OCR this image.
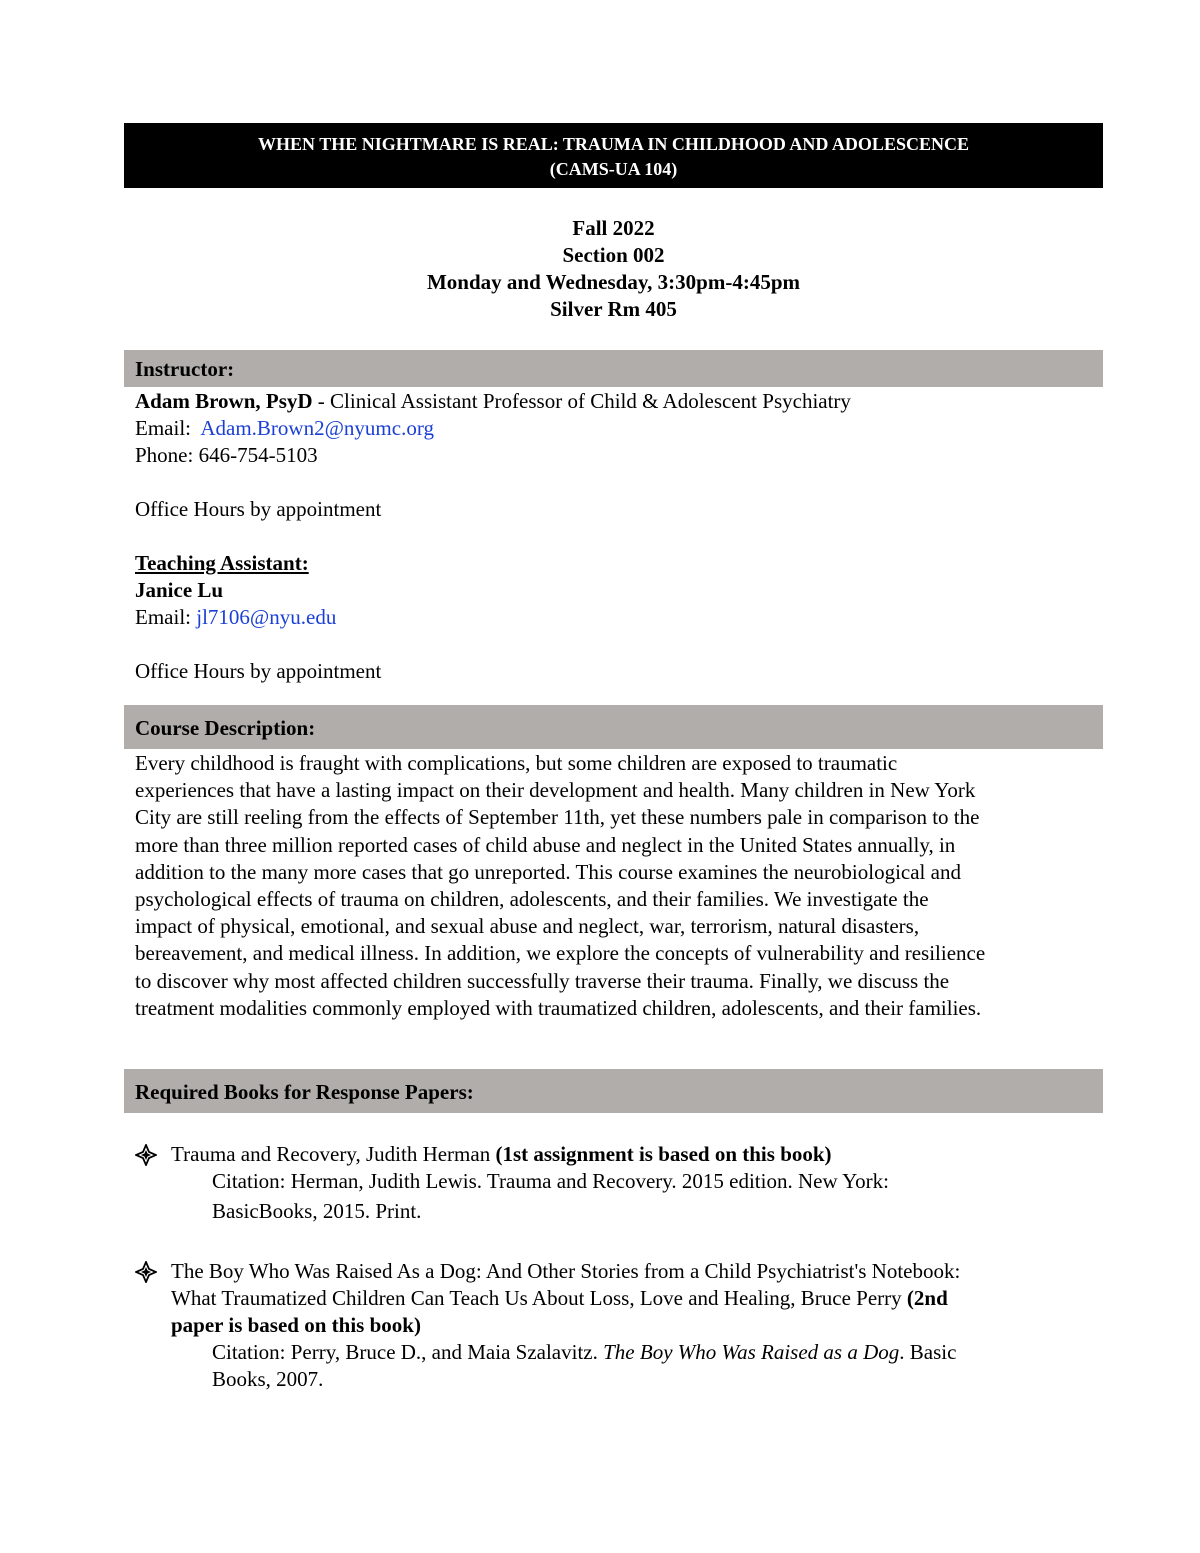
WHEN THE NIGHTMARE IS REAL: TRAUMA IN CHILDHOOD AND ADOLESCENCE
(CAMS-UA 104)
Fall 2022
Section 002
Monday and Wednesday, 3:30pm-4:45pm
Silver Rm 405
Instructor:
Adam Brown, PsyD - Clinical Assistant Professor of Child & Adolescent Psychiatry
Email: Adam.Brown2@nyumc.org
Phone: 646-754-5103
Office Hours by appointment
Teaching Assistant:
Janice Lu
Email: jl7106@nyu.edu
Office Hours by appointment
Course Description:
Every childhood is fraught with complications, but some children are exposed to traumatic
experiences that have a lasting impact on their development and health. Many children in New York
City are still reeling from the effects of September 11th, yet these numbers pale in comparison to the
more than three million reported cases of child abuse and neglect in the United States annually, in
addition to the many more cases that go unreported. This course examines the neurobiological and
psychological effects of trauma on children, adolescents, and their families. We investigate the
impact of physical, emotional, and sexual abuse and neglect, war, terrorism, natural disasters,
bereavement, and medical illness. In addition, we explore the concepts of vulnerability and resilience
to discover why most affected children successfully traverse their trauma. Finally, we discuss the
treatment modalities commonly employed with traumatized children, adolescents, and their families.
Required Books for Response Papers:
Trauma and Recovery, Judith Herman (1st assignment is based on this book)
Citation: Herman, Judith Lewis. Trauma and Recovery. 2015 edition. New York:
BasicBooks, 2015. Print.
The Boy Who Was Raised As a Dog: And Other Stories from a Child Psychiatrist's Notebook:
What Traumatized Children Can Teach Us About Loss, Love and Healing, Bruce Perry (2nd
paper is based on this book)
Citation: Perry, Bruce D., and Maia Szalavitz. The Boy Who Was Raised as a Dog. Basic
Books, 2007.
